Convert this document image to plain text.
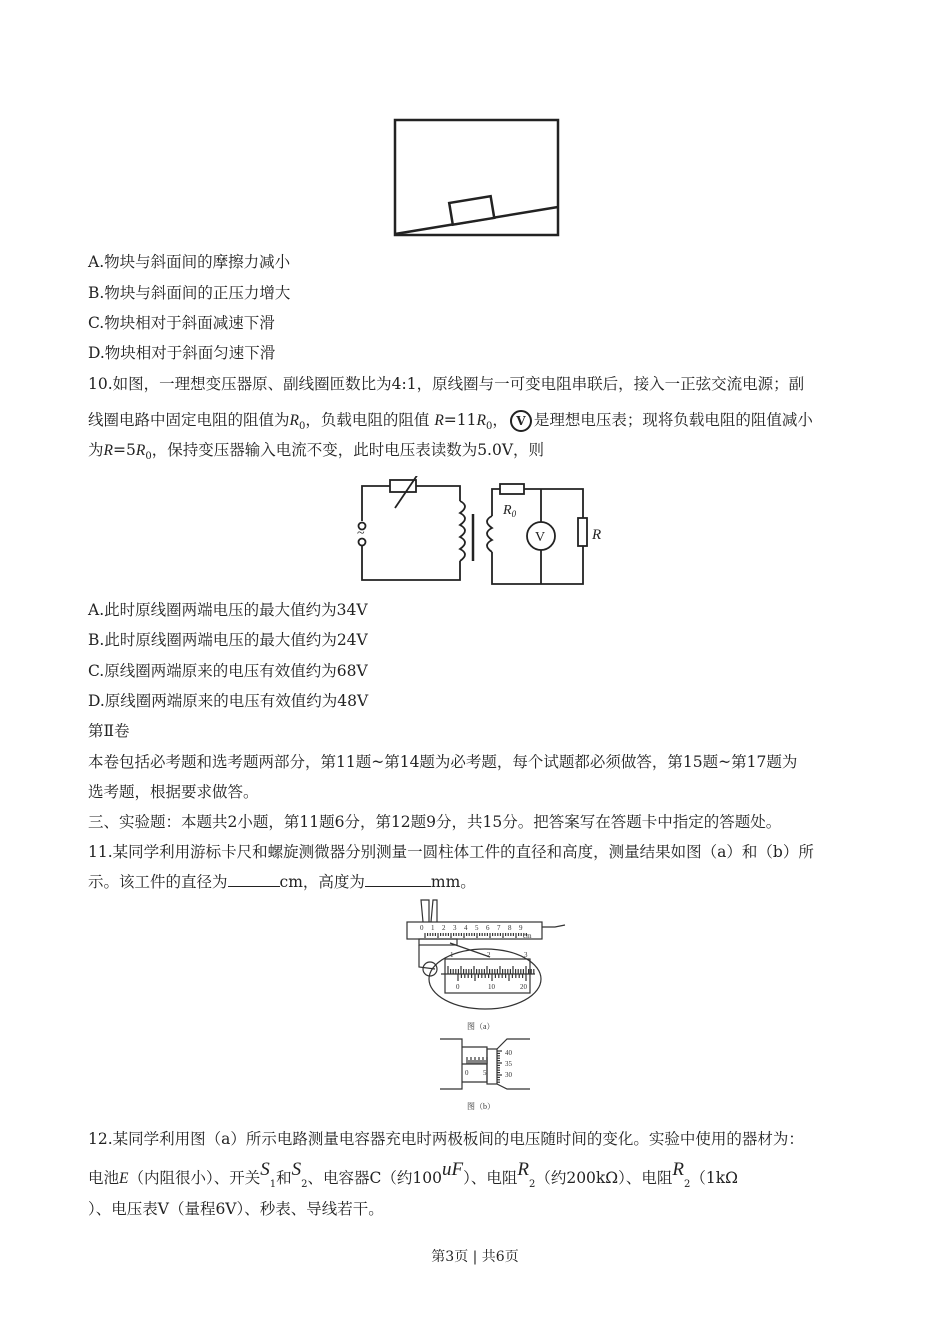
A.物块与斜面间的摩擦力减小
B.物块与斜面间的正压力增大
C.物块相对于斜面减速下滑
D.物块相对于斜面匀速下滑
10.如图，一理想变压器原、副线圈匝数比为4:1，原线圈与一可变电阻串联后，接入一正弦交流电源；副
线圈电路中固定电阻的阻值为$R_0$，负载电阻的阻值 $R=11R_0$， V 是理想电压表；现将负载电阻的阻值减小
为$R=5R_0$，保持变压器输入电流不变，此时电压表读数为5.0V，则
~
$R_0$
V	R
A.此时原线圈两端电压的最大值约为34V
B.此时原线圈两端电压的最大值约为24V
C.原线圈两端原来的电压有效值约为68V
D.原线圈两端原来的电压有效值约为48V
第Ⅱ卷
本卷包括必考题和选考题两部分，第11题~第14题为必考题，每个试题都必须做答，第15题~第17题为
选考题，根据要求做答。
三、实验题：本题共2小题，第11题6分，第12题9分，共15分。把答案写在答题卡中指定的答题处。
11.某同学利用游标卡尺和螺旋测微器分别测量一圆柱体工件的直径和高度，测量结果如图（a）和（b）所
示。该工件的直径为	cm，高度为	mm。
0 1 2 3 4 5 6 7 8 9
cm
1	2	3
0	10	20
图（a）
0 5
40
35
30
图（b）
12.某同学利用图（a）所示电路测量电容器充电时两极板间的电压随时间的变化。实验中使用的器材为：
电池E（内阻很小）、开关$S_1$和$S_2$、电容器C（约100uF）、电阻$R_2$（约200kΩ）、电阻$R_2(1k\Omega$
）、电压表V（量程6V）、秒表、导线若干。
第3页 | 共6页
